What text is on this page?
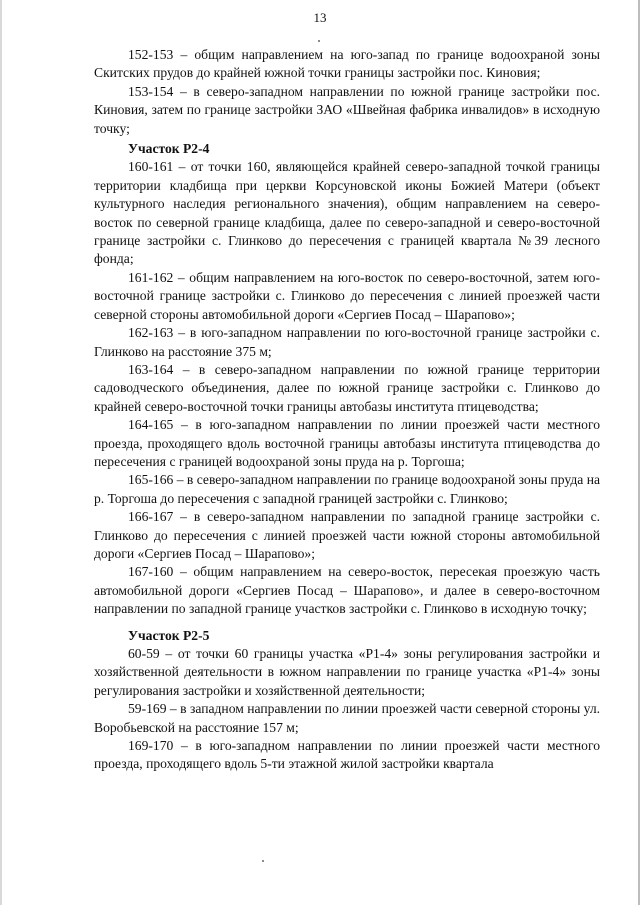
13

152-153 – общим направлением на юго-запад по границе водоохраной зоны Скитских прудов до крайней южной точки границы застройки пос. Киновия;

153-154 – в северо-западном направлении по южной границе застройки пос. Киновия, затем по границе застройки ЗАО «Швейная фабрика инвалидов» в исходную точку;

Участок Р2-4

160-161 – от точки 160, являющейся крайней северо-западной точкой границы территории кладбища при церкви Корсуновской иконы Божией Матери (объект культурного наследия регионального значения), общим направлением на северо-восток по северной границе кладбища, далее по северо-западной и северо-восточной границе застройки с. Глинково до пересечения с границей квартала №39 лесного фонда;

161-162 – общим направлением на юго-восток по северо-восточной, затем юго-восточной границе застройки с. Глинково до пересечения с линией проезжей части северной стороны автомобильной дороги «Сергиев Посад – Шарапово»;

162-163 – в юго-западном направлении по юго-восточной границе застройки с. Глинково на расстояние 375 м;

163-164 – в северо-западном направлении по южной границе территории садоводческого объединения, далее по южной границе застройки с. Глинково до крайней северо-восточной точки границы автобазы института птицеводства;

164-165 – в юго-западном направлении по линии проезжей части местного проезда, проходящего вдоль восточной границы автобазы института птицеводства до пересечения с границей водоохраной зоны пруда на р. Торгоша;

165-166 – в северо-западном направлении по границе водоохраной зоны пруда на р. Торгоша до пересечения с западной границей застройки с. Глинково;

166-167 – в северо-западном направлении по западной границе застройки с. Глинково до пересечения с линией проезжей части южной стороны автомобильной дороги «Сергиев Посад – Шарапово»;

167-160 – общим направлением на северо-восток, пересекая проезжую часть автомобильной дороги «Сергиев Посад – Шарапово», и далее в северо-восточном направлении по западной границе участков застройки с. Глинково в исходную точку;

Участок Р2-5

60-59 – от точки 60 границы участка «Р1-4» зоны регулирования застройки и хозяйственной деятельности в южном направлении по границе участка «Р1-4» зоны регулирования застройки и хозяйственной деятельности;

59-169 – в западном направлении по линии проезжей части северной стороны ул. Воробьевской на расстояние 157 м;

169-170 – в юго-западном направлении по линии проезжей части местного проезда, проходящего вдоль 5-ти этажной жилой застройки квартала
